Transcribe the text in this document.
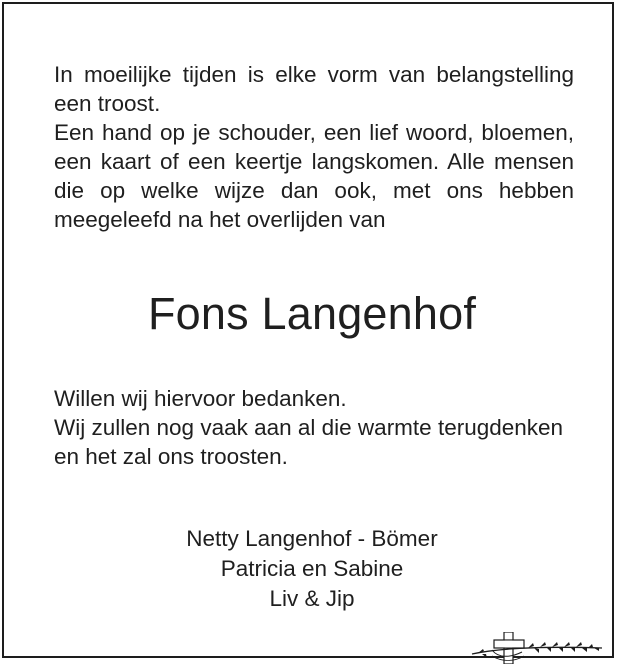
In moeilijke tijden is elke vorm van belangstelling
een troost.
Een hand op je schouder, een lief woord, bloemen,
een kaart of een keertje langskomen. Alle mensen
die op welke wijze dan ook, met ons hebben
meegeleefd na het overlijden van
Fons Langenhof
Willen wij hiervoor bedanken.
Wij zullen nog vaak aan al die warmte terugdenken
en het zal ons troosten.
Netty Langenhof - Bömer
Patricia en Sabine
Liv & Jip
